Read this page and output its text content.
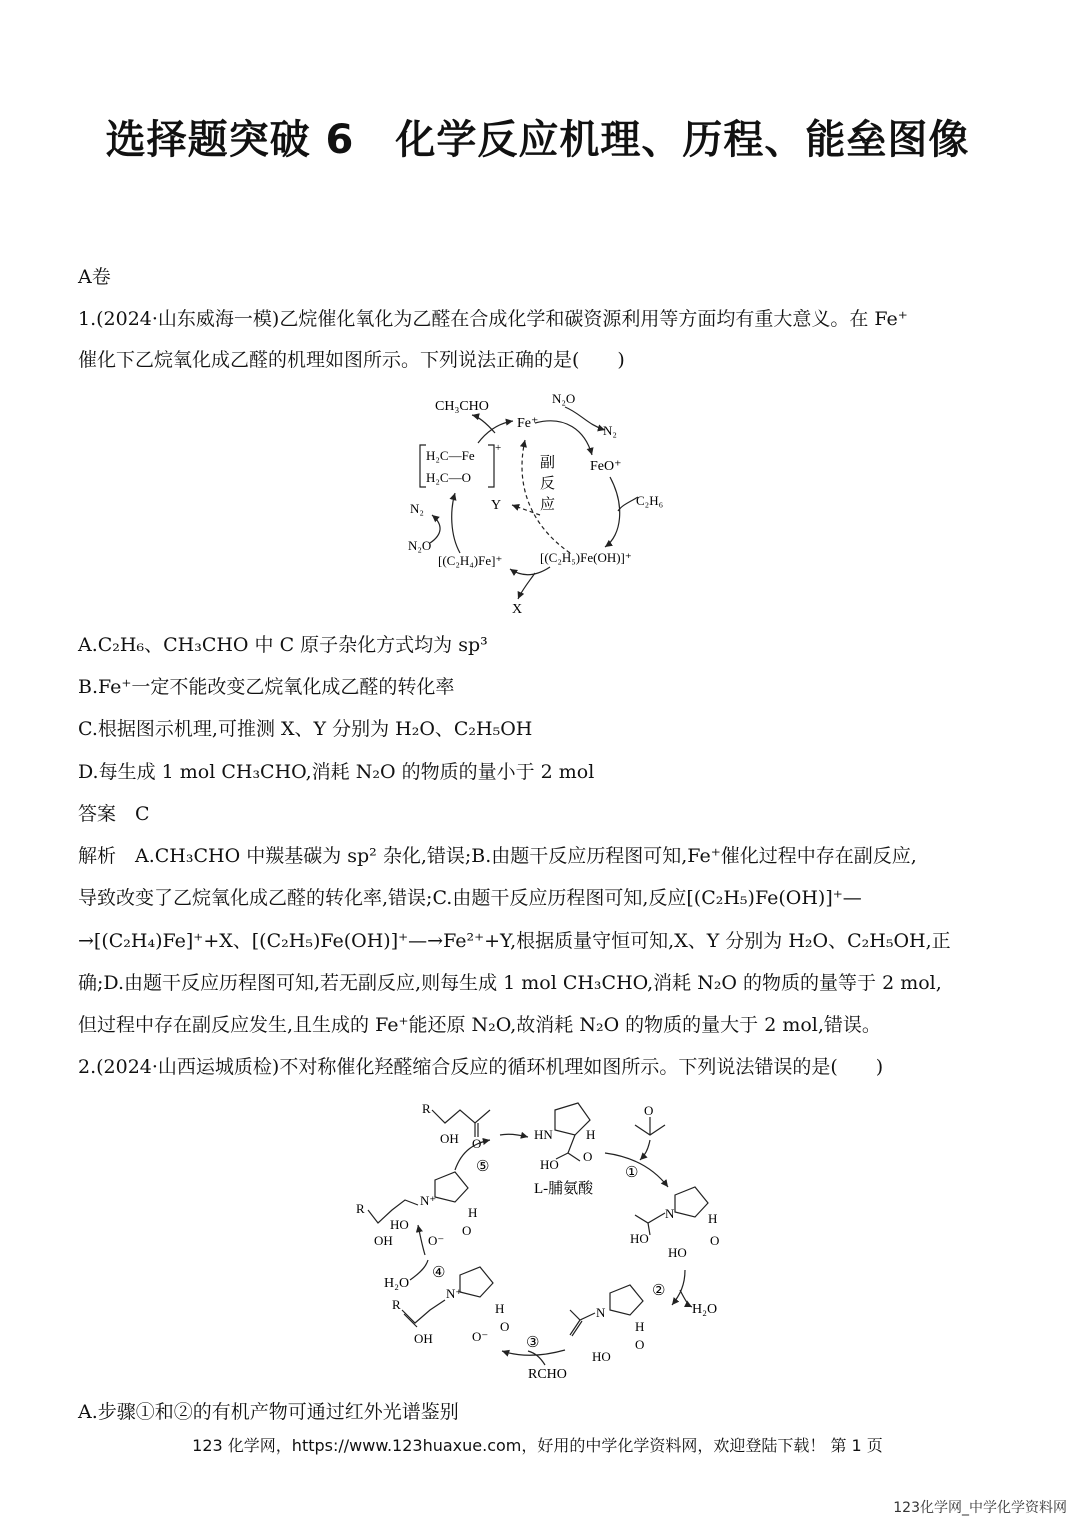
选择题突破 6　化学反应机理、历程、能垒图像
A卷
1.(2024·山东威海一模)乙烷催化氧化为乙醛在合成化学和碳资源利用等方面均有重大意义。在 Fe⁺
催化下乙烷氧化成乙醛的机理如图所示。下列说法正确的是(　　)
CH₃CHO
Fe⁺
N₂O
N₂
FeO⁺
C₂H₆
N₂
N₂O
[(C₂H₄)Fe]⁺	[(C₂H₅)Fe(OH)]⁺
X
Y
副
反
应
H₂C—Fe
H₂C—O
+
A.C₂H₆、CH₃CHO 中 C 原子杂化方式均为 sp³
B.Fe⁺一定不能改变乙烷氧化成乙醛的转化率
C.根据图示机理,可推测 X、Y 分别为 H₂O、C₂H₅OH
D.每生成 1 mol CH₃CHO,消耗 N₂O 的物质的量小于 2 mol
答案　C
解析　A.CH₃CHO 中羰基碳为 sp² 杂化,错误;B.由题干反应历程图可知,Fe⁺催化过程中存在副反应,
导致改变了乙烷氧化成乙醛的转化率,错误;C.由题干反应历程图可知,反应[(C₂H₅)Fe(OH)]⁺—
→[(C₂H₄)Fe]⁺+X、[(C₂H₅)Fe(OH)]⁺—→Fe²⁺+Y,根据质量守恒可知,X、Y 分别为 H₂O、C₂H₅OH,正
确;D.由题干反应历程图可知,若无副反应,则每生成 1 mol CH₃CHO,消耗 N₂O 的物质的量等于 2 mol,
但过程中存在副反应发生,且生成的 Fe⁺能还原 N₂O,故消耗 N₂O 的物质的量大于 2 mol,错误。
2.(2024·山西运城质检)不对称催化羟醛缩合反应的循环机理如图所示。下列说法错误的是(　　)
R
OH O
HN	H
HO
O
L-脯氨酸
O
N	H
HO
HO
O
N
H
HO
O
N⁺
H
R
OH	O⁻
O
N⁺
H
R
HO
OH	O⁻
O
①
②
③
④
⑤
H₂O
H₂O
RCHO
A.步骤①和②的有机产物可通过红外光谱鉴别
123 化学网，https://www.123huaxue.com，好用的中学化学资料网，欢迎登陆下载！ 第 1 页
123化学网_中学化学资料网
